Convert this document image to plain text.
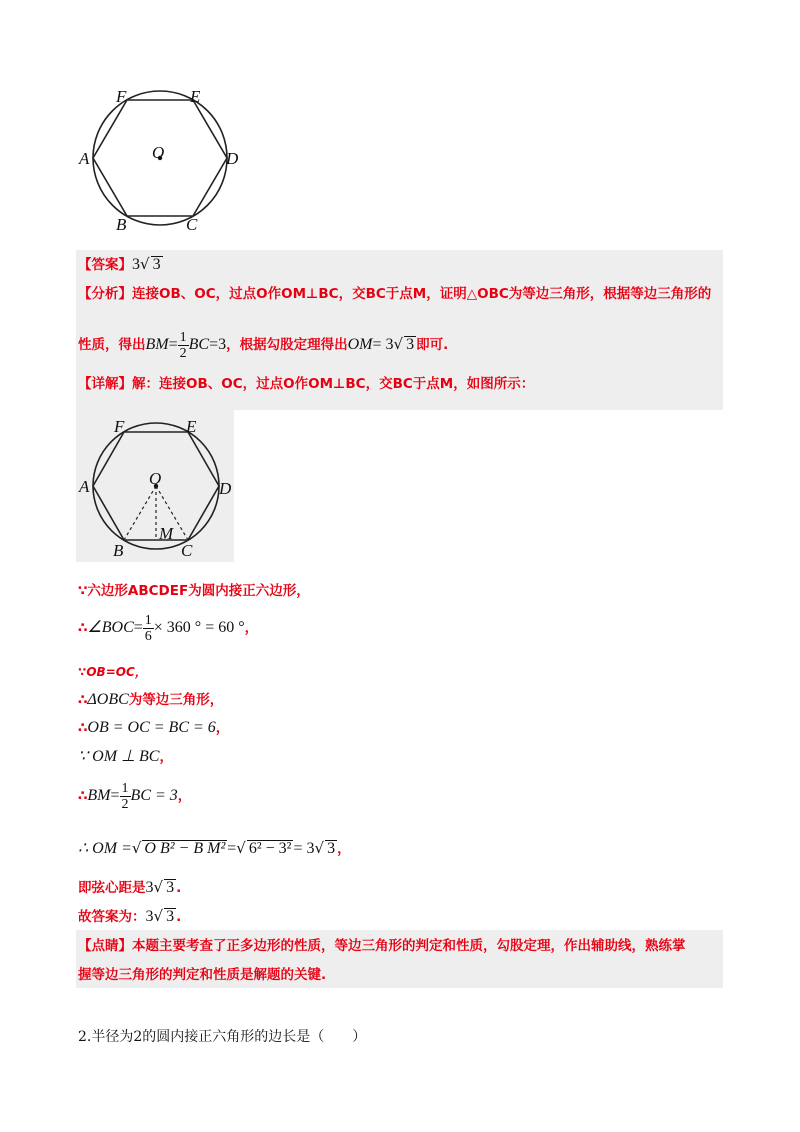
F	E
A	O	D
B	C
【答案】3√ 3
【分析】连接OB、OC，过点O作OM⊥BC，交BC于点M，证明△OBC为等边三角形，根据等边三角形的
性质，得出$BM= \frac{1}{2} BC=3$，根据勾股定理得出OM= 3√ 3 即可.
【详解】解：连接OB、OC，过点O作OM⊥BC，交BC于点M，如图所示：
F	E
A	O
D
B
M
C
∵六边形ABCDEF为圆内接正六边形，
∴∠BOC= $\frac{1}{6} \times 360$ ° = 60 °，
∵OB=OC，
∴ΔOBC为等边三角形，
∴OB = OC = BC = 6，
∵ OM ⊥ BC，
∴BM= $\frac{1}{2}$ BC = 3，
∴ OM =√ O B² − B M² =√ 6² − 3² = 3√ 3 ，
即弦心距是3√ 3 .
故答案为：3√ 3 .
【点睛】本题主要考查了正多边形的性质，等边三角形的判定和性质，勾股定理，作出辅助线，熟练掌
握等边三角形的判定和性质是解题的关键.
2.半径为2的圆内接正六角形的边长是（　　）
